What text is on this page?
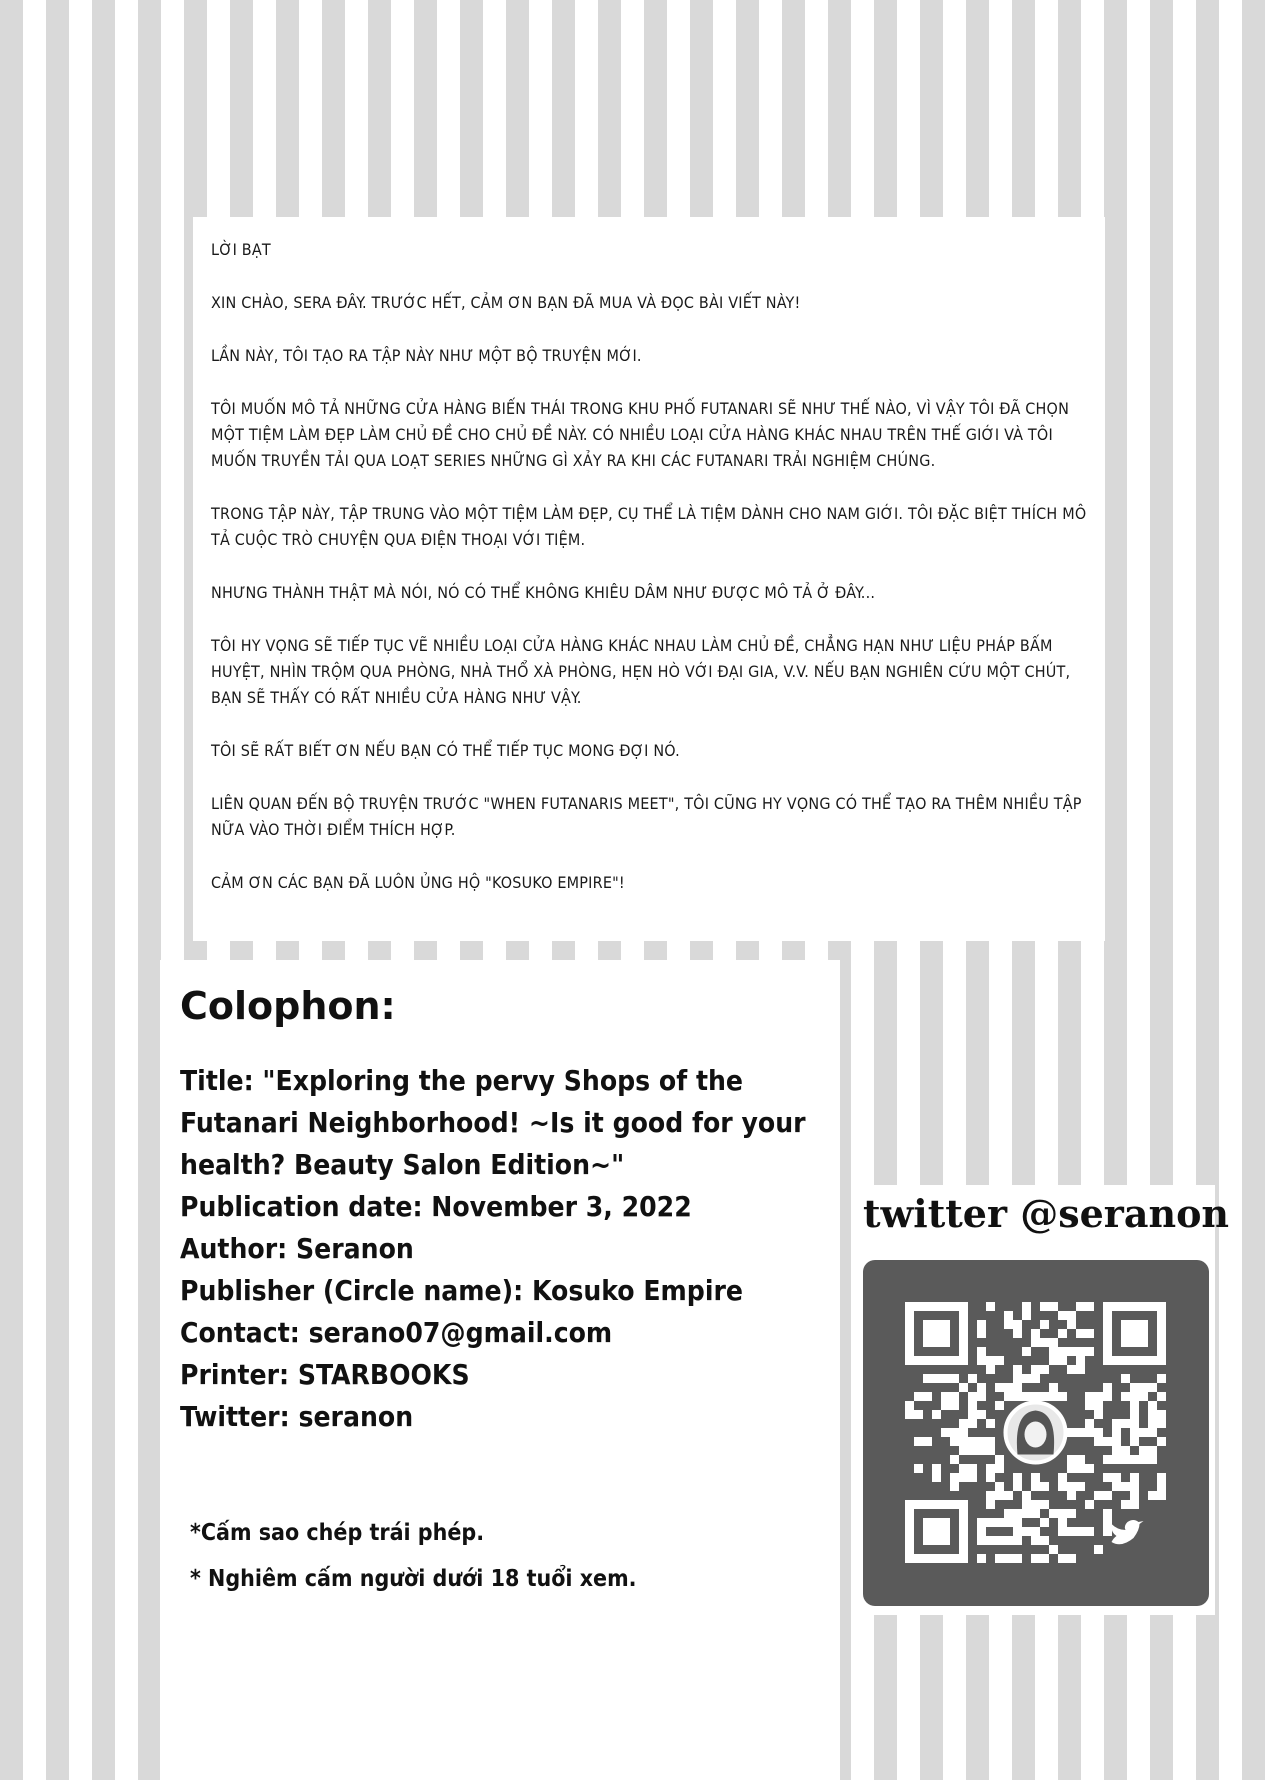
LỜI BẠT

XIN CHÀO, SERA ĐÂY. TRƯỚC HẾT, CẢM ƠN BẠN ĐÃ MUA VÀ ĐỌC BÀI VIẾT NÀY!

LẦN NÀY, TÔI TẠO RA TẬP NÀY NHƯ MỘT BỘ TRUYỆN MỚI.

TÔI MUỐN MÔ TẢ NHỮNG CỬA HÀNG BIẾN THÁI TRONG KHU PHỐ FUTANARI SẼ NHƯ THẾ NÀO, VÌ VẬY TÔI ĐÃ CHỌN MỘT TIỆM LÀM ĐẸP LÀM CHỦ ĐỀ CHO CHỦ ĐỀ NÀY. CÓ NHIỀU LOẠI CỬA HÀNG KHÁC NHAU TRÊN THẾ GIỚI VÀ TÔI MUỐN TRUYỀN TẢI QUA LOẠT SERIES NHỮNG GÌ XẢY RA KHI CÁC FUTANARI TRẢI NGHIỆM CHÚNG.

TRONG TẬP NÀY, TẬP TRUNG VÀO MỘT TIỆM LÀM ĐẸP, CỤ THỂ LÀ TIỆM DÀNH CHO NAM GIỚI. TÔI ĐẶC BIỆT THÍCH MÔ TẢ CUỘC TRÒ CHUYỆN QUA ĐIỆN THOẠI VỚI TIỆM.

NHƯNG THÀNH THẬT MÀ NÓI, NÓ CÓ THỂ KHÔNG KHIÊU DÂM NHƯ ĐƯỢC MÔ TẢ Ở ĐÂY...

TÔI HY VỌNG SẼ TIẾP TỤC VẼ NHIỀU LOẠI CỬA HÀNG KHÁC NHAU LÀM CHỦ ĐỀ, CHẲNG HẠN NHƯ LIỆU PHÁP BẤM HUYỆT, NHÌN TRỘM QUA PHÒNG, NHÀ THỔ XÀ PHÒNG, HẸN HÒ VỚI ĐẠI GIA, V.V. NẾU BẠN NGHIÊN CỨU MỘT CHÚT, BẠN SẼ THẤY CÓ RẤT NHIỀU CỬA HÀNG NHƯ VẬY.

TÔI SẼ RẤT BIẾT ƠN NẾU BẠN CÓ THỂ TIẾP TỤC MONG ĐỢI NÓ.

LIÊN QUAN ĐẾN BỘ TRUYỆN TRƯỚC "WHEN FUTANARIS MEET", TÔI CŨNG HY VỌNG CÓ THỂ TẠO RA THÊM NHIỀU TẬP NỮA VÀO THỜI ĐIỂM THÍCH HỢP.

CẢM ƠN CÁC BẠN ĐÃ LUÔN ỦNG HỘ "KOSUKO EMPIRE"!

Colophon:
Title: "Exploring the pervy Shops of the Futanari Neighborhood! ~Is it good for your health? Beauty Salon Edition~"
Publication date: November 3, 2022
Author: Seranon
Publisher (Circle name): Kosuko Empire
Contact: serano07@gmail.com
Printer: STARBOOKS
Twitter: seranon
*Cấm sao chép trái phép.
* Nghiêm cấm người dưới 18 tuổi xem.
twitter @seranon
